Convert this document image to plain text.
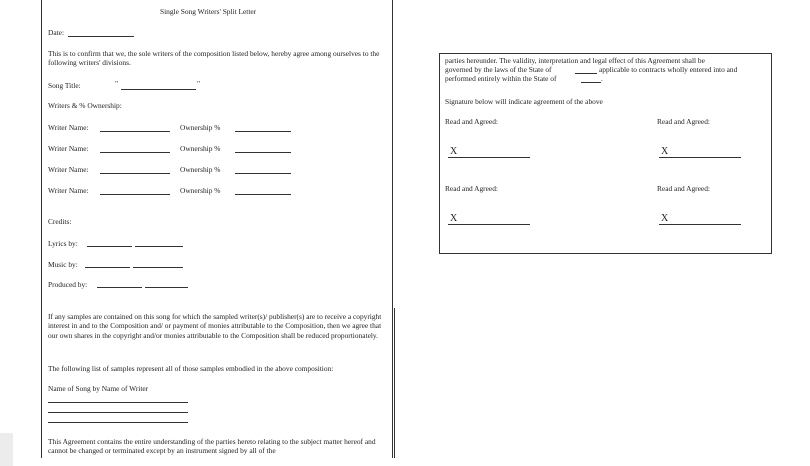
Single Song Writers' Split Letter
Date:
This is to confirm that we, the sole writers of the composition listed below, hereby agree among ourselves to the following writers' divisions.
Song Title:	"	"
Writers & % Ownership:
Writer Name:	Ownership %
Writer Name:	Ownership %
Writer Name:	Ownership %
Writer Name:	Ownership %
Credits:
Lyrics by:
Music by:
Produced by:
If any samples are contained on this song for which the sampled writer(s)/ publisher(s) are to receive a copyright interest in and to the Composition and/ or payment of monies attributable to the Composition, then we agree that our own shares in the copyright and/or monies attributable to the Composition shall be reduced proportionately.
The following list of samples represent all of those samples embodied in the above composition:
Name of Song by Name of Writer
This Agreement contains the entire understanding of the parties hereto relating to the subject matter hereof and cannot be changed or terminated except by an instrument signed by all of the
parties hereunder. The validity, interpretation and legal effect of this Agreement shall be
governed by the laws of the State of	applicable to contracts wholly entered into and
performed entirely within the State of	.
Signature below will indicate agreement of the above
Read and Agreed:	Read and Agreed:
X	X
Read and Agreed:	Read and Agreed:
X	X
